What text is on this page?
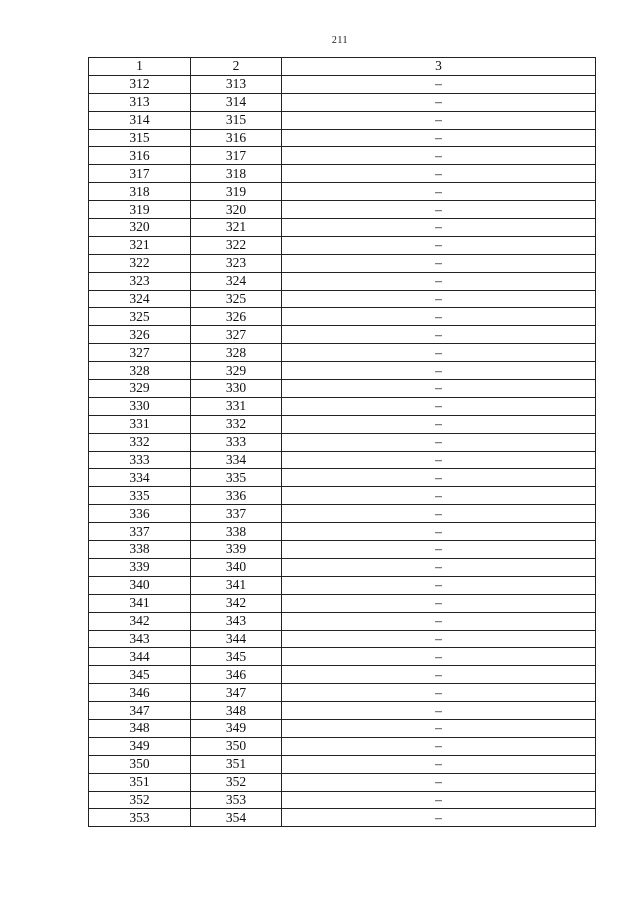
211
1	2	3
312	313	–
313	314	–
314	315	–
315	316	–
316	317	–
317	318	–
318	319	–
319	320	–
320	321	–
321	322	–
322	323	–
323	324	–
324	325	–
325	326	–
326	327	–
327	328	–
328	329	–
329	330	–
330	331	–
331	332	–
332	333	–
333	334	–
334	335	–
335	336	–
336	337	–
337	338	–
338	339	–
339	340	–
340	341	–
341	342	–
342	343	–
343	344	–
344	345	–
345	346	–
346	347	–
347	348	–
348	349	–
349	350	–
350	351	–
351	352	–
352	353	–
353	354	–
